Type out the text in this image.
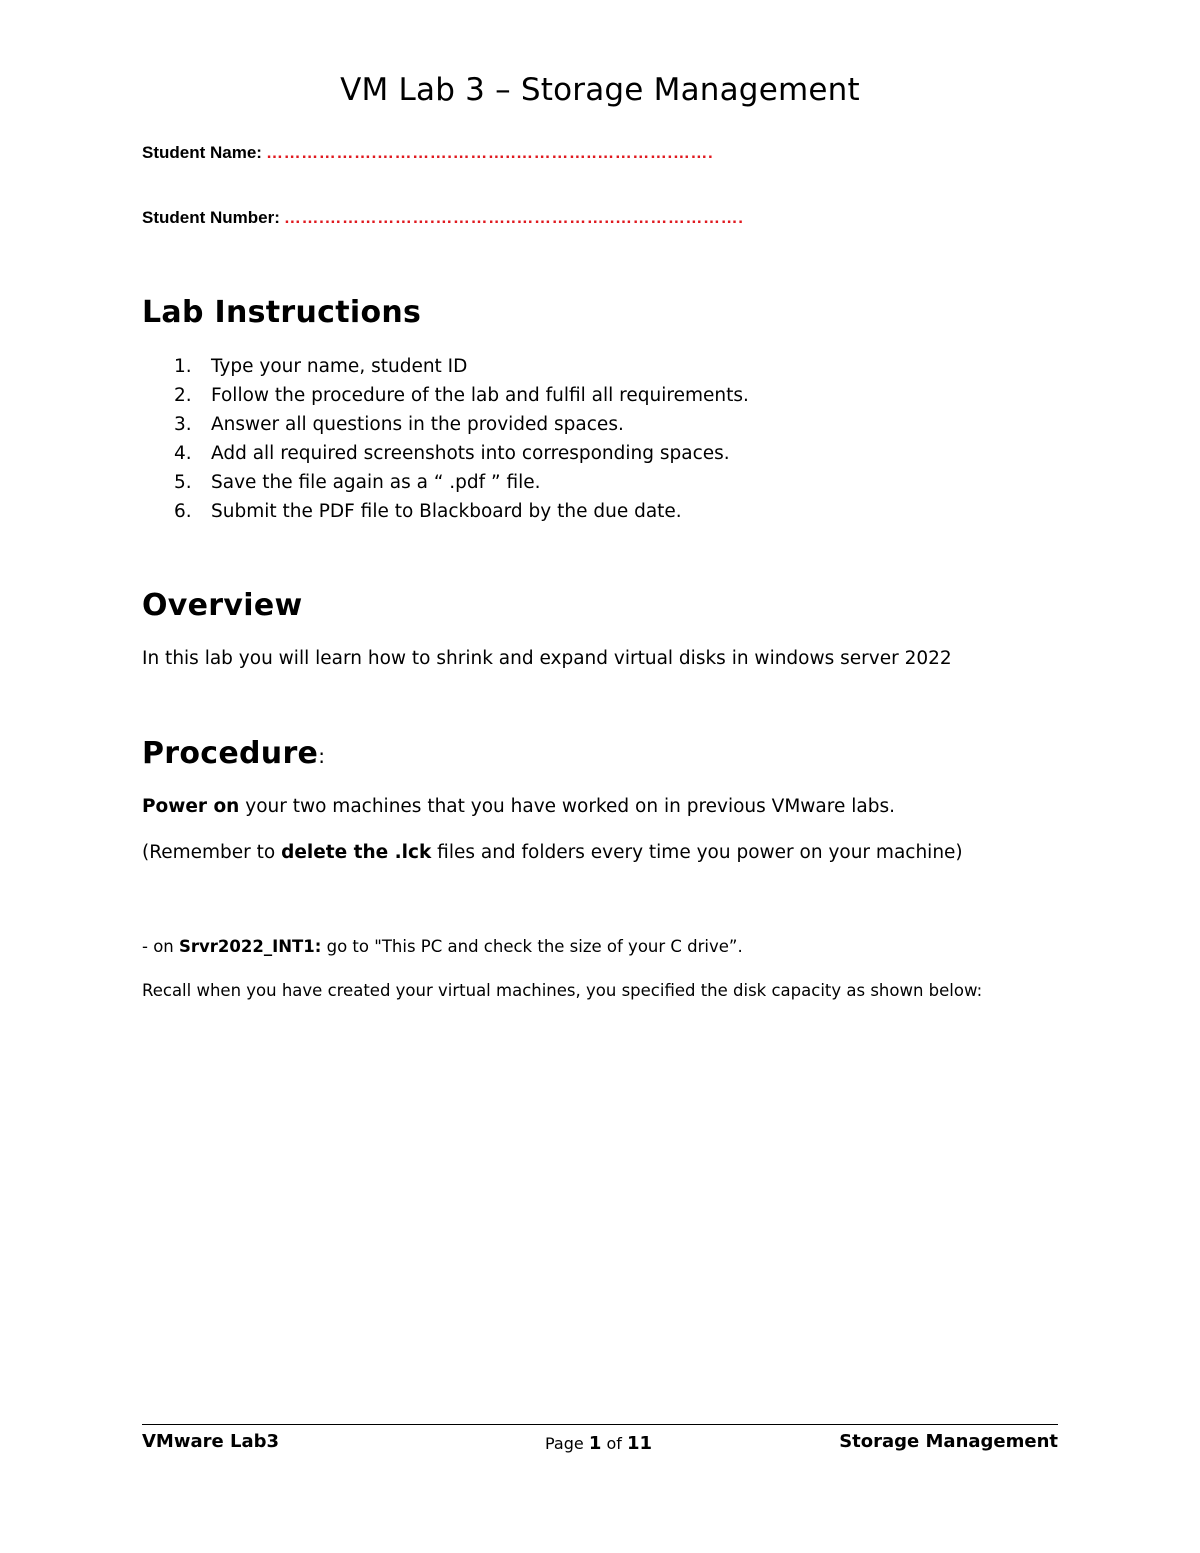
VM Lab 3 – Storage Management
Student Name: ……………….………….………..…………..………….…….
Student Number: …….……………….…………..……………..………………….
Lab Instructions
1. Type your name, student ID
2. Follow the procedure of the lab and fulfil all requirements.
3. Answer all questions in the provided spaces.
4. Add all required screenshots into corresponding spaces.
5. Save the file again as a “ .pdf ” file.
6. Submit the PDF file to Blackboard by the due date.
Overview
In this lab you will learn how to shrink and expand virtual disks in windows server 2022
Procedure:
Power on your two machines that you have worked on in previous VMware labs.
(Remember to delete the .lck files and folders every time you power on your machine)
- on Srvr2022_INT1: go to "This PC and check the size of your C drive”.
Recall when you have created your virtual machines, you specified the disk capacity as shown below:
VMware Lab3	Page 1 of 11	Storage Management
